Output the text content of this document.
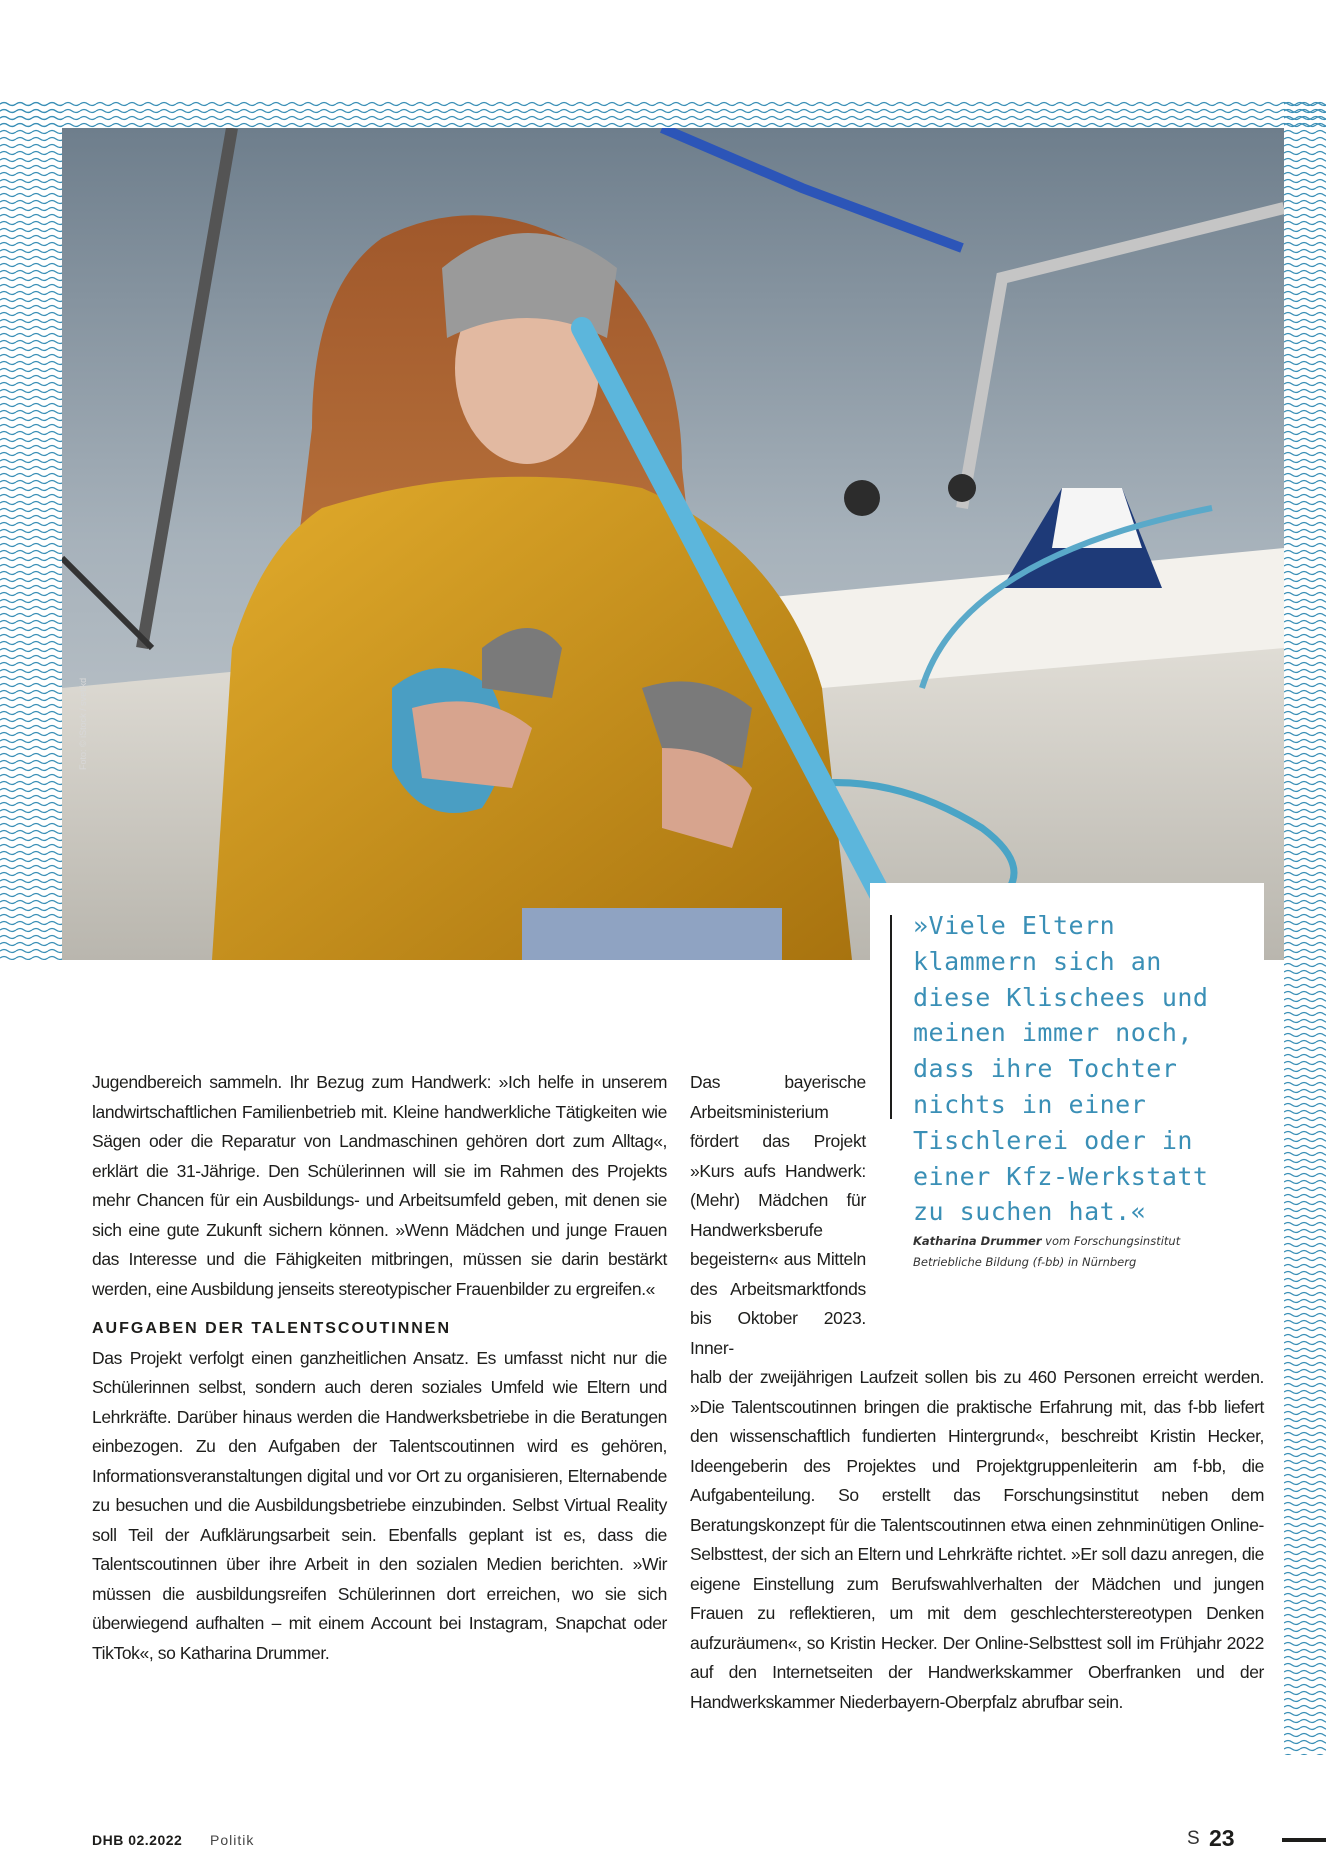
Foto: © iStock / svetikd
»Viele Eltern
klammern sich an
diese Klischees und
meinen immer noch,
dass ihre Tochter
nichts in einer
Tischlerei oder in
einer Kfz-Werkstatt
zu suchen hat.«
Katharina Drummer vom Forschungsinstitut
Betriebliche Bildung (f-bb) in Nürnberg

Jugendbereich sammeln. Ihr Bezug zum Handwerk: »Ich helfe in unserem landwirtschaftlichen Familienbetrieb mit. Kleine handwerkliche Tätigkeiten wie Sägen oder die Reparatur von Landmaschinen gehören dort zum Alltag«, erklärt die 31-Jährige. Den Schülerinnen will sie im Rahmen des Projekts mehr Chancen für ein Ausbildungs- und Arbeitsumfeld geben, mit denen sie sich eine gute Zukunft sichern können. »Wenn Mädchen und junge Frauen das Interesse und die Fähigkeiten mitbringen, müssen sie darin bestärkt werden, eine Ausbildung jenseits stereotypischer Frauenbilder zu ergreifen.«

AUFGABEN DER TALENTSCOUTINNEN

Das Projekt verfolgt einen ganzheitlichen Ansatz. Es umfasst nicht nur die Schülerinnen selbst, sondern auch deren soziales Umfeld wie Eltern und Lehrkräfte. Darüber hinaus werden die Handwerksbetriebe in die Beratungen einbezogen. Zu den Aufgaben der Talentscoutinnen wird es gehören, Informationsveranstaltungen digital und vor Ort zu organisieren, Elternabende zu besuchen und die Ausbildungsbetriebe einzubinden. Selbst Virtual Reality soll Teil der Aufklärungsarbeit sein. Ebenfalls geplant ist es, dass die Talentscoutinnen über ihre Arbeit in den sozialen Medien berichten. »Wir müssen die ausbildungsreifen Schülerinnen dort erreichen, wo sie sich überwiegend aufhalten – mit einem Account bei Instagram, Snapchat oder TikTok«, so Katharina Drummer.

Das bayerische Arbeitsministerium fördert das Projekt »Kurs aufs Handwerk: (Mehr) Mädchen für Handwerksberufe begeistern« aus Mitteln des Arbeitsmarktfonds bis Oktober 2023. Inner-

halb der zweijährigen Laufzeit sollen bis zu 460 Personen erreicht werden. »Die Talentscoutinnen bringen die praktische Erfahrung mit, das f-bb liefert den wissenschaftlich fundierten Hintergrund«, beschreibt Kristin Hecker, Ideengeberin des Projektes und Projektgruppenleiterin am f-bb, die Aufgabenteilung. So erstellt das Forschungsinstitut neben dem Beratungskonzept für die Talentscoutinnen etwa einen zehnminütigen Online-Selbsttest, der sich an Eltern und Lehrkräfte richtet. »Er soll dazu anregen, die eigene Einstellung zum Berufswahlverhalten der Mädchen und jungen Frauen zu reflektieren, um mit dem geschlechterstereotypen Denken aufzuräumen«, so Kristin Hecker. Der Online-Selbsttest soll im Frühjahr 2022 auf den Internetseiten der Handwerkskammer Oberfranken und der Handwerkskammer Niederbayern-Oberpfalz abrufbar sein.

DHB 02.2022 Politik	S 23
